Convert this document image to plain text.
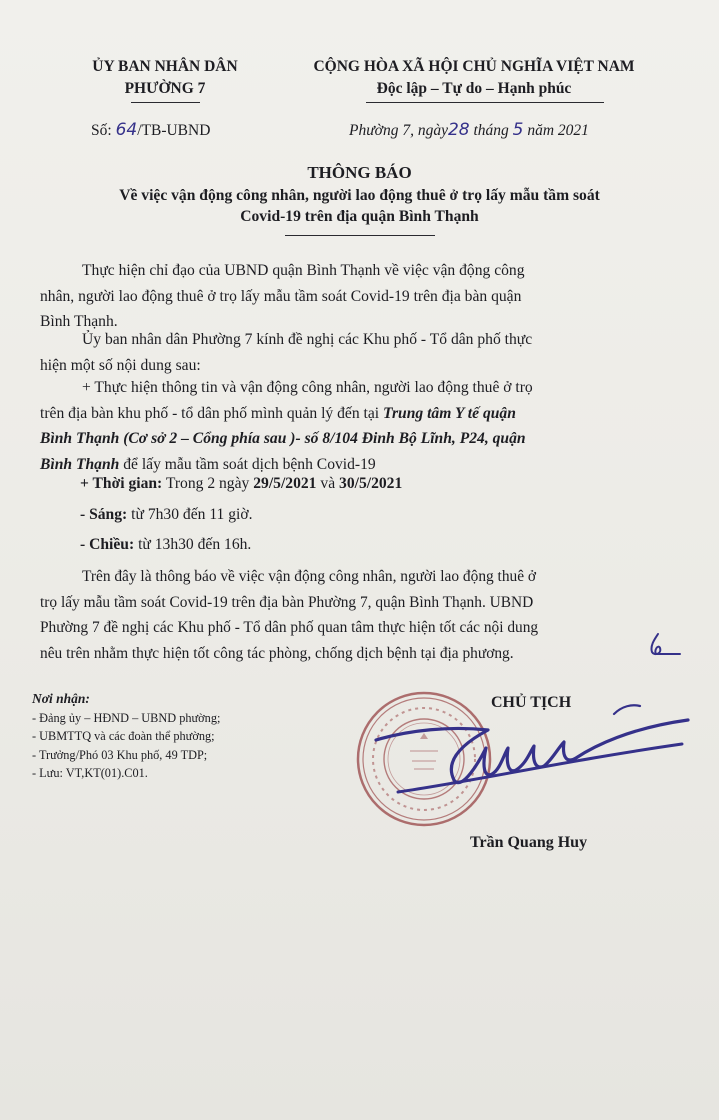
ỦY BAN NHÂN DÂN
PHƯỜNG 7
CỘNG HÒA XÃ HỘI CHỦ NGHĨA VIỆT NAM
Độc lập – Tự do – Hạnh phúc
Số: 64/TB-UBND	Phường 7, ngày28 tháng 5 năm 2021
THÔNG BÁO
Về việc vận động công nhân, người lao động thuê ở trọ lấy mẫu tầm soát
Covid-19 trên địa quận Bình Thạnh
Thực hiện chỉ đạo của UBND quận Bình Thạnh về việc vận động công
nhân, người lao động thuê ở trọ lấy mẫu tầm soát Covid-19 trên địa bàn quận
Bình Thạnh.
Ủy ban nhân dân Phường 7 kính đề nghị các Khu phố - Tổ dân phố thực
hiện một số nội dung sau:
+ Thực hiện thông tin và vận động công nhân, người lao động thuê ở trọ
trên địa bàn khu phố - tổ dân phố mình quản lý đến tại Trung tâm Y tế quận
Bình Thạnh (Cơ sở 2 – Cổng phía sau )- số 8/104 Đinh Bộ Lĩnh, P24, quận
Bình Thạnh để lấy mẫu tầm soát dịch bệnh Covid-19
+ Thời gian: Trong 2 ngày 29/5/2021 và 30/5/2021
- Sáng: từ 7h30 đến 11 giờ.
- Chiều: từ 13h30 đến 16h.
Trên đây là thông báo về việc vận động công nhân, người lao động thuê ở
trọ lấy mẫu tầm soát Covid-19 trên địa bàn Phường 7, quận Bình Thạnh. UBND
Phường 7 đề nghị các Khu phố - Tổ dân phố quan tâm thực hiện tốt các nội dung
nêu trên nhằm thực hiện tốt công tác phòng, chống dịch bệnh tại địa phương.
Nơi nhận:
- Đảng ủy – HĐND – UBND phường;
- UBMTTQ và các đoàn thể phường;
- Trưởng/Phó 03 Khu phố, 49 TDP;
- Lưu: VT,KT(01).C01.
CHỦ TỊCH
Trần Quang Huy
